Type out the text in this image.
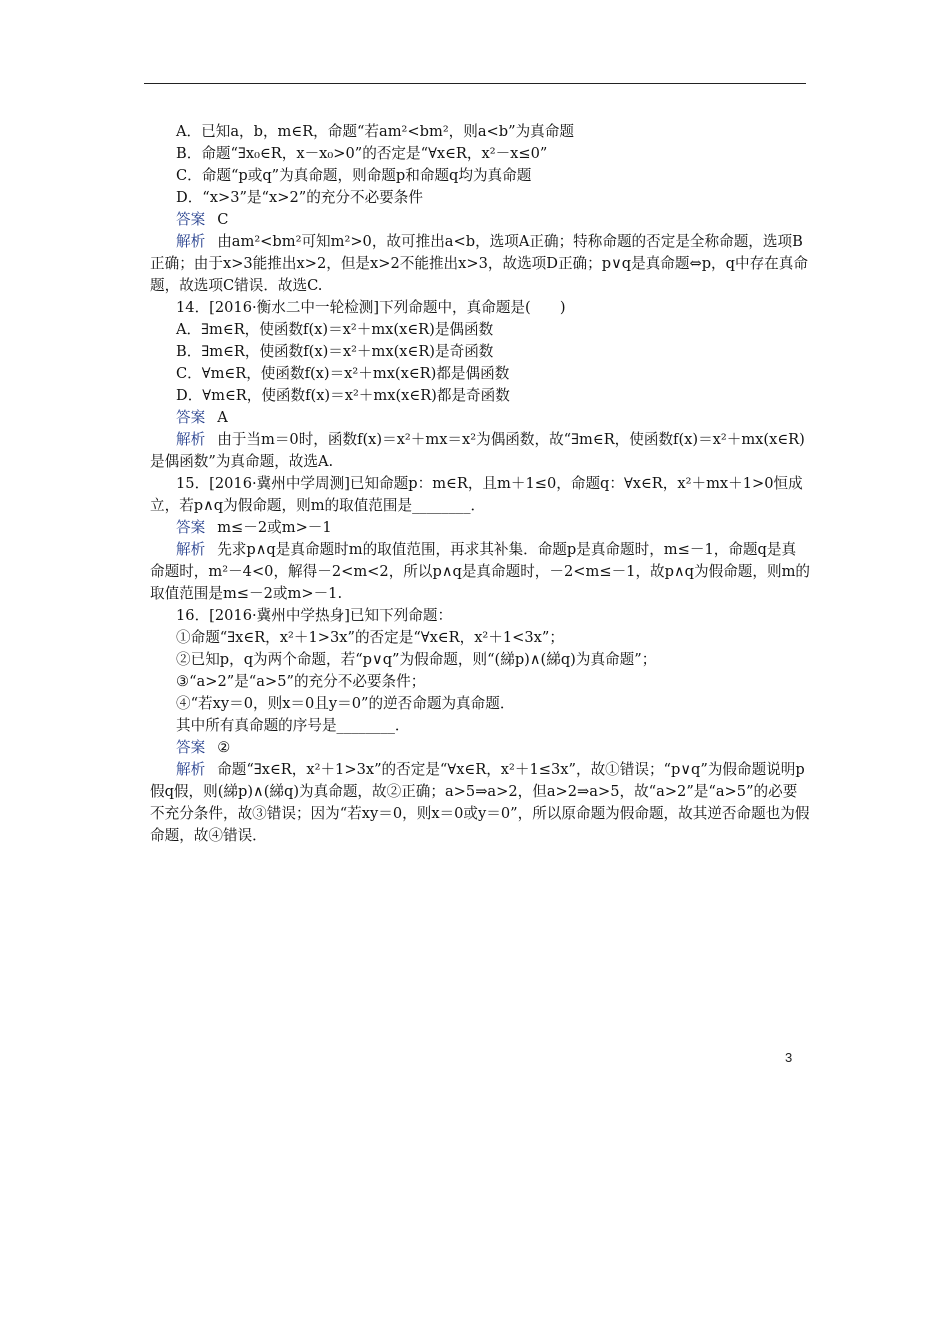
A．已知a，b，m∈R，命题“若am²<bm²，则a<b”为真命题
B．命题“∃x₀∈R，x－x₀>0”的否定是“∀x∈R，x²－x≤0”
C．命题“p或q”为真命题，则命题p和命题q均为真命题
D．“x>3”是“x>2”的充分不必要条件
答案 C
解析 由am²<bm²可知m²>0，故可推出a<b，选项A正确；特称命题的否定是全称命题，选项B正确；由于x>3能推出x>2，但是x>2不能推出x>3，故选项D正确；p∨q是真命题⇔p，q中存在真命题，故选项C错误．故选C.
14．[2016·衡水二中一轮检测]下列命题中，真命题是(　　)
A．∃m∈R，使函数f(x)＝x²＋mx(x∈R)是偶函数
B．∃m∈R，使函数f(x)＝x²＋mx(x∈R)是奇函数
C．∀m∈R，使函数f(x)＝x²＋mx(x∈R)都是偶函数
D．∀m∈R，使函数f(x)＝x²＋mx(x∈R)都是奇函数
答案 A
解析 由于当m＝0时，函数f(x)＝x²＋mx＝x²为偶函数，故“∃m∈R，使函数f(x)＝x²＋mx(x∈R)是偶函数”为真命题，故选A.
15．[2016·冀州中学周测]已知命题p：m∈R，且m＋1≤0，命题q：∀x∈R，x²＋mx＋1>0恒成立，若p∧q为假命题，则m的取值范围是________．
答案 m≤－2或m>－1
解析 先求p∧q是真命题时m的取值范围，再求其补集．命题p是真命题时，m≤－1，命题q是真命题时，m²－4<0，解得－2<m<2，所以p∧q是真命题时，－2<m≤－1，故p∧q为假命题，则m的取值范围是m≤－2或m>－1.
16．[2016·冀州中学热身]已知下列命题：
①命题“∃x∈R，x²＋1>3x”的否定是“∀x∈R，x²＋1<3x”；
②已知p，q为两个命题，若“p∨q”为假命题，则“(綈p)∧(綈q)为真命题”；
③“a>2”是“a>5”的充分不必要条件；
④“若xy＝0，则x＝0且y＝0”的逆否命题为真命题．
其中所有真命题的序号是________．
答案 ②
解析 命题“∃x∈R，x²＋1>3x”的否定是“∀x∈R，x²＋1≤3x”，故①错误；“p∨q”为假命题说明p假q假，则(綈p)∧(綈q)为真命题，故②正确；a>5⇒a>2，但a>2⇒a>5，故“a>2”是“a>5”的必要不充分条件，故③错误；因为“若xy＝0，则x＝0或y＝0”，所以原命题为假命题，故其逆否命题也为假命题，故④错误．
3
